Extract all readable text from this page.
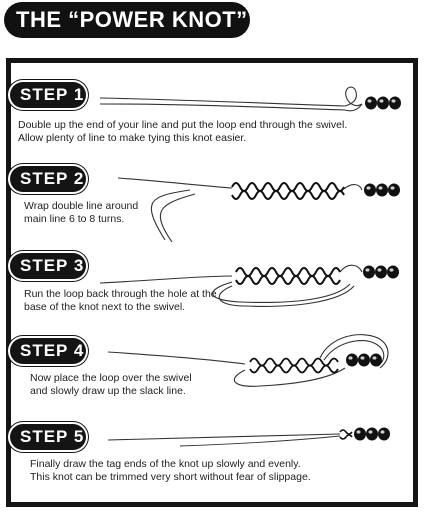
THE “POWER KNOT”
STEP 1
Double up the end of your line and put the loop end through the swivel.
Allow plenty of line to make tying this knot easier.
STEP 2
Wrap double line around
main line 6 to 8 turns.
STEP 3
Run the loop back through the hole at the
base of the knot next to the swivel.
STEP 4
Now place the loop over the swivel
and slowly draw up the slack line.
STEP 5
Finally draw the tag ends of the knot up slowly and evenly.
This knot can be trimmed very short without fear of slippage.
